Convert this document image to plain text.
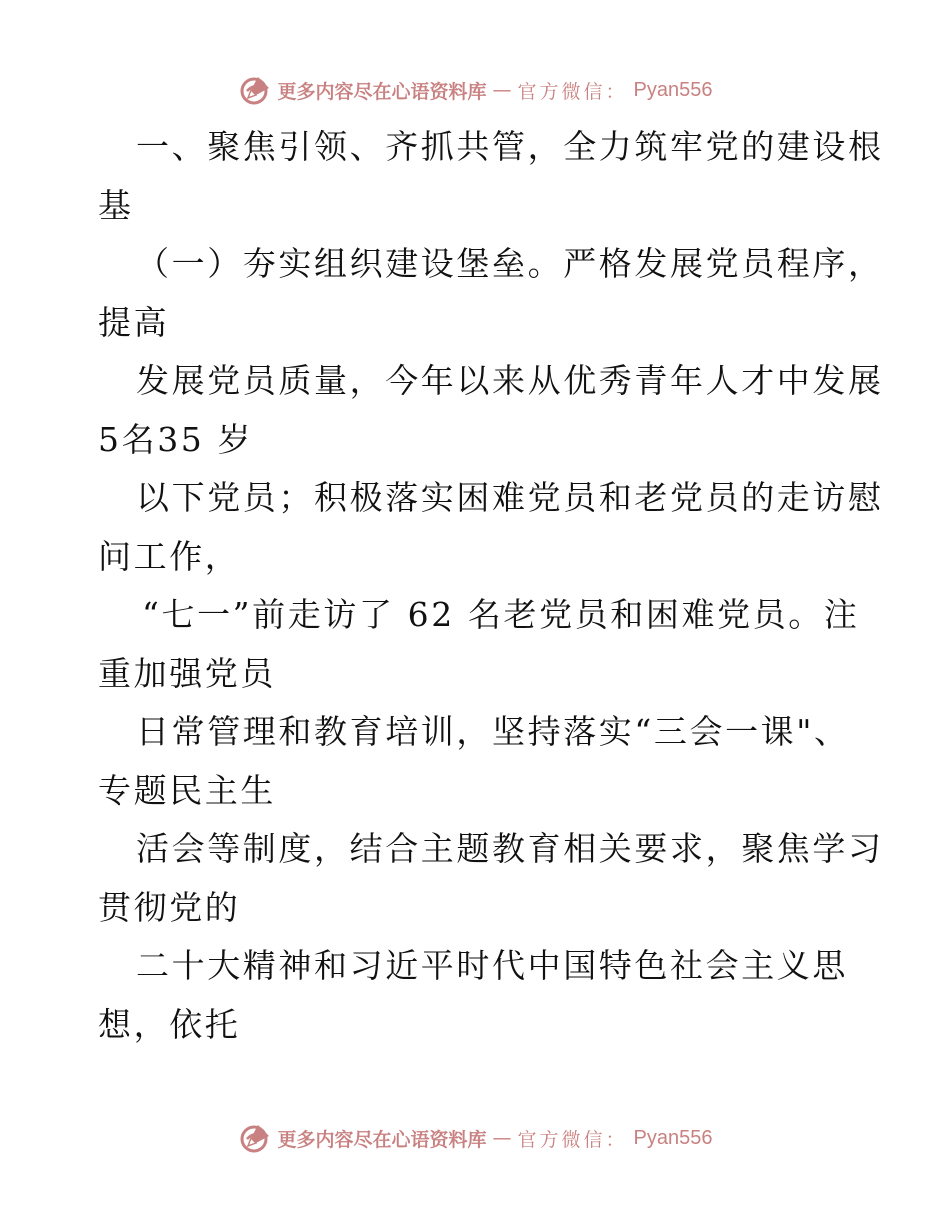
更多内容尽在心语资料库 — 官方微信： Pyan556
一、聚焦引领、齐抓共管，全力筑牢党的建设根
基
（一）夯实组织建设堡垒。严格发展党员程序，
提高
发展党员质量，今年以来从优秀青年人才中发展
5名35 岁
以下党员；积极落实困难党员和老党员的走访慰
问工作，
“七一”前走访了 62 名老党员和困难党员。注
重加强党员
日常管理和教育培训，坚持落实“三会一课"、
专题民主生
活会等制度，结合主题教育相关要求，聚焦学习
贯彻党的
二十大精神和习近平时代中国特色社会主义思
想，依托
更多内容尽在心语资料库 — 官方微信： Pyan556
